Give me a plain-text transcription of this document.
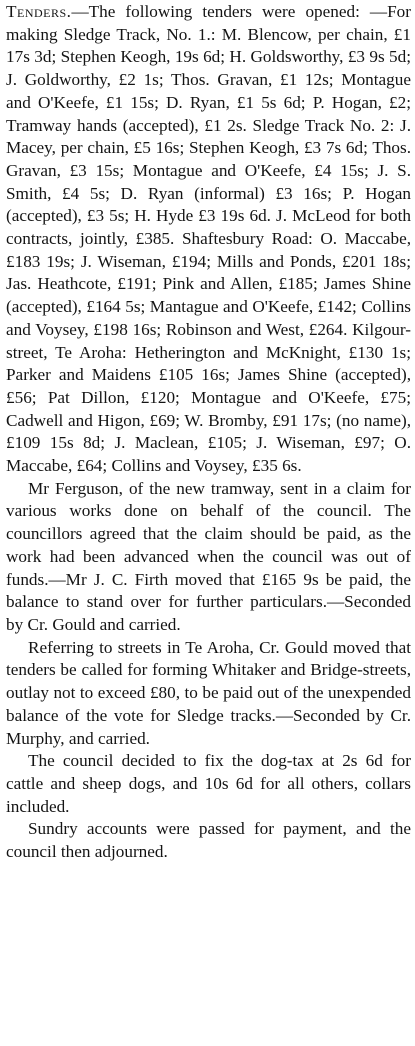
Tenders.—The following tenders were opened: —For making Sledge Track, No. 1.: M. Blencow, per chain, £1 17s 3d; Stephen Keogh, 19s 6d; H. Goldsworthy, £3 9s 5d; J. Goldworthy, £2 1s; Thos. Gravan, £1 12s; Montague and O'Keefe, £1 15s; D. Ryan, £1 5s 6d; P. Hogan, £2; Tramway hands (accepted), £1 2s. Sledge Track No. 2: J. Macey, per chain, £5 16s; Stephen Keogh, £3 7s 6d; Thos. Gravan, £3 15s; Montague and O'Keefe, £4 15s; J. S. Smith, £4 5s; D. Ryan (informal) £3 16s; P. Hogan (accepted), £3 5s; H. Hyde £3 19s 6d. J. McLeod for both contracts, jointly, £385. Shaftesbury Road: O. Maccabe, £183 19s; J. Wiseman, £194; Mills and Ponds, £201 18s; Jas. Heathcote, £191; Pink and Allen, £185; James Shine (accepted), £164 5s; Mantague and O'Keefe, £142; Collins and Voysey, £198 16s; Robinson and West, £264. Kilgour-street, Te Aroha: Hetherington and McKnight, £130 1s; Parker and Maidens £105 16s; James Shine (accepted), £56; Pat Dillon, £120; Montague and O'Keefe, £75; Cadwell and Higon, £69; W. Bromby, £91 17s; (no name), £109 15s 8d; J. Maclean, £105; J. Wiseman, £97; O. Maccabe, £64; Collins and Voysey, £35 6s.

Mr Ferguson, of the new tramway, sent in a claim for various works done on behalf of the council. The councillors agreed that the claim should be paid, as the work had been advanced when the council was out of funds.—Mr J. C. Firth moved that £165 9s be paid, the balance to stand over for further particulars.—Seconded by Cr. Gould and carried.

Referring to streets in Te Aroha, Cr. Gould moved that tenders be called for forming Whitaker and Bridge-streets, outlay not to exceed £80, to be paid out of the unexpended balance of the vote for Sledge tracks.—Seconded by Cr. Murphy, and carried.

The council decided to fix the dog-tax at 2s 6d for cattle and sheep dogs, and 10s 6d for all others, collars included.

Sundry accounts were passed for payment, and the council then adjourned.
